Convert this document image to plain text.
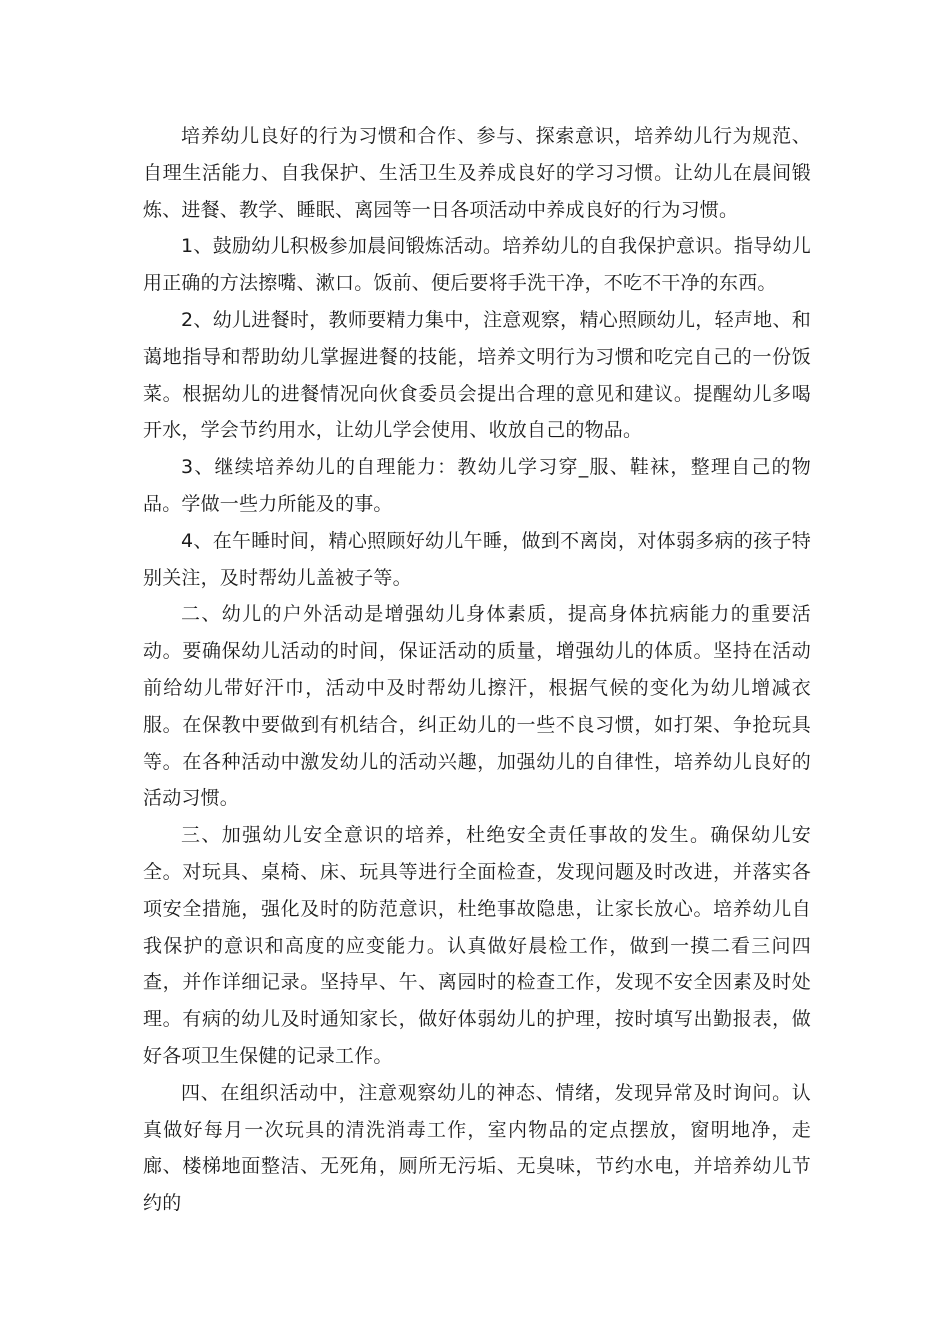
培养幼儿良好的行为习惯和合作、参与、探索意识，培养幼儿行为规范、自理生活能力、自我保护、生活卫生及养成良好的学习习惯。让幼儿在晨间锻炼、进餐、教学、睡眠、离园等一日各项活动中养成良好的行为习惯。

1、鼓励幼儿积极参加晨间锻炼活动。培养幼儿的自我保护意识。指导幼儿用正确的方法擦嘴、漱口。饭前、便后要将手洗干净，不吃不干净的东西。

2、幼儿进餐时，教师要精力集中，注意观察，精心照顾幼儿，轻声地、和蔼地指导和帮助幼儿掌握进餐的技能，培养文明行为习惯和吃完自己的一份饭菜。根据幼儿的进餐情况向伙食委员会提出合理的意见和建议。提醒幼儿多喝开水，学会节约用水，让幼儿学会使用、收放自己的物品。

3、继续培养幼儿的自理能力：教幼儿学习穿_服、鞋袜，整理自己的物品。学做一些力所能及的事。

4、在午睡时间，精心照顾好幼儿午睡，做到不离岗，对体弱多病的孩子特别关注，及时帮幼儿盖被子等。

二、幼儿的户外活动是增强幼儿身体素质，提高身体抗病能力的重要活动。要确保幼儿活动的时间，保证活动的质量，增强幼儿的体质。坚持在活动前给幼儿带好汗巾，活动中及时帮幼儿擦汗，根据气候的变化为幼儿增减衣服。在保教中要做到有机结合，纠正幼儿的一些不良习惯，如打架、争抢玩具等。在各种活动中激发幼儿的活动兴趣，加强幼儿的自律性，培养幼儿良好的活动习惯。

三、加强幼儿安全意识的培养，杜绝安全责任事故的发生。确保幼儿安全。对玩具、桌椅、床、玩具等进行全面检查，发现问题及时改进，并落实各项安全措施，强化及时的防范意识，杜绝事故隐患，让家长放心。培养幼儿自我保护的意识和高度的应变能力。认真做好晨检工作，做到一摸二看三问四查，并作详细记录。坚持早、午、离园时的检查工作，发现不安全因素及时处理。有病的幼儿及时通知家长，做好体弱幼儿的护理，按时填写出勤报表，做好各项卫生保健的记录工作。

四、在组织活动中，注意观察幼儿的神态、情绪，发现异常及时询问。认真做好每月一次玩具的清洗消毒工作，室内物品的定点摆放，窗明地净，走廊、楼梯地面整洁、无死角，厕所无污垢、无臭味，节约水电，并培养幼儿节约的
